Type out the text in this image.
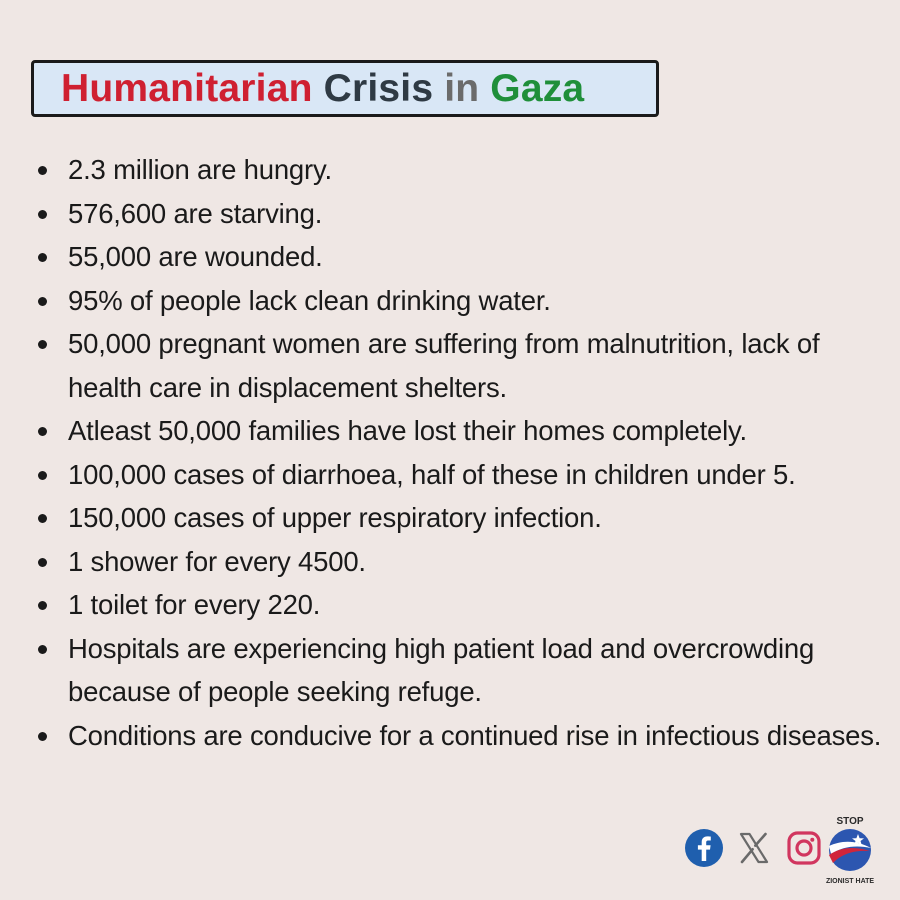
Humanitarian Crisis in Gaza
2.3 million are hungry.
576,600 are starving.
55,000 are wounded.
95% of people lack clean drinking water.
50,000 pregnant women are suffering from malnutrition, lack of health care in displacement shelters.
Atleast 50,000 families have lost their homes completely.
100,000 cases of diarrhoea, half of these in children under 5.
150,000 cases of upper respiratory infection.
1 shower for every 4500.
1 toilet for every 220.
Hospitals are experiencing high patient load and overcrowding because of people seeking refuge.
Conditions are conducive for a continued rise in infectious diseases.
STOP
ZIONIST HATE
